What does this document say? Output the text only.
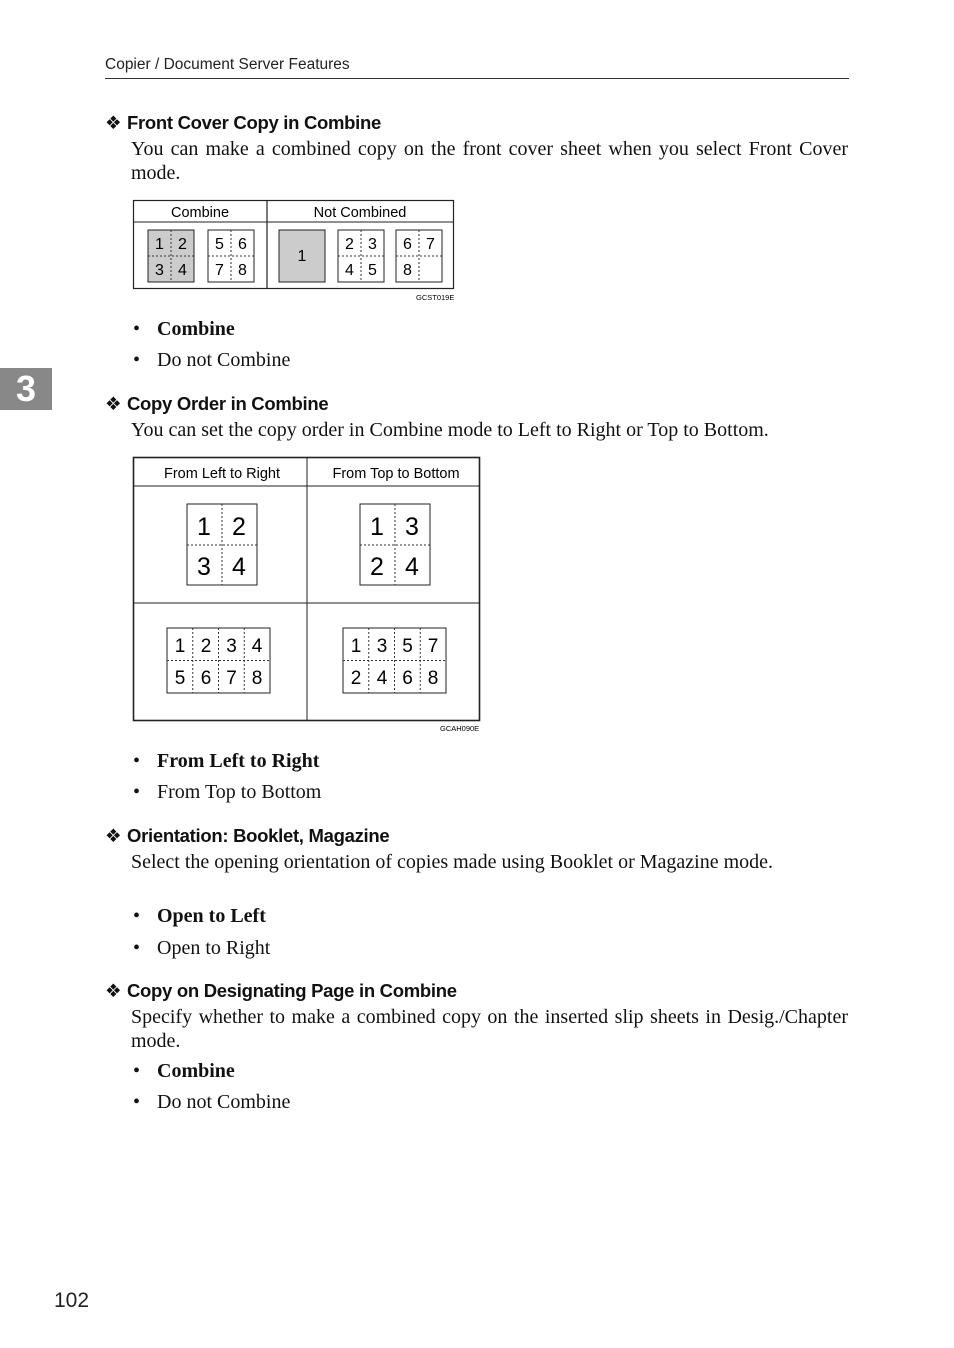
Copier / Document Server Features
3
❖ Front Cover Copy in Combine
You can make a combined copy on the front cover sheet when you select Front Cover mode.
Combine	Not Combined
1 2
3 4
5 6
7 8
1
2 3
4 5
6 7
8
GCST019E
• Combine
• Do not Combine
❖ Copy Order in Combine
You can set the copy order in Combine mode to Left to Right or Top to Bottom.
From Left to Right	From Top to Bottom
1 2
3 4
1 3
2 4
1 2 3 4
5 6 7 8
1 3 5 7
2 4 6 8
GCAH090E
• From Left to Right
• From Top to Bottom
❖ Orientation: Booklet, Magazine
Select the opening orientation of copies made using Booklet or Magazine mode.
• Open to Left
• Open to Right
❖ Copy on Designating Page in Combine
Specify whether to make a combined copy on the inserted slip sheets in Desig./Chapter mode.
• Combine
• Do not Combine
102
